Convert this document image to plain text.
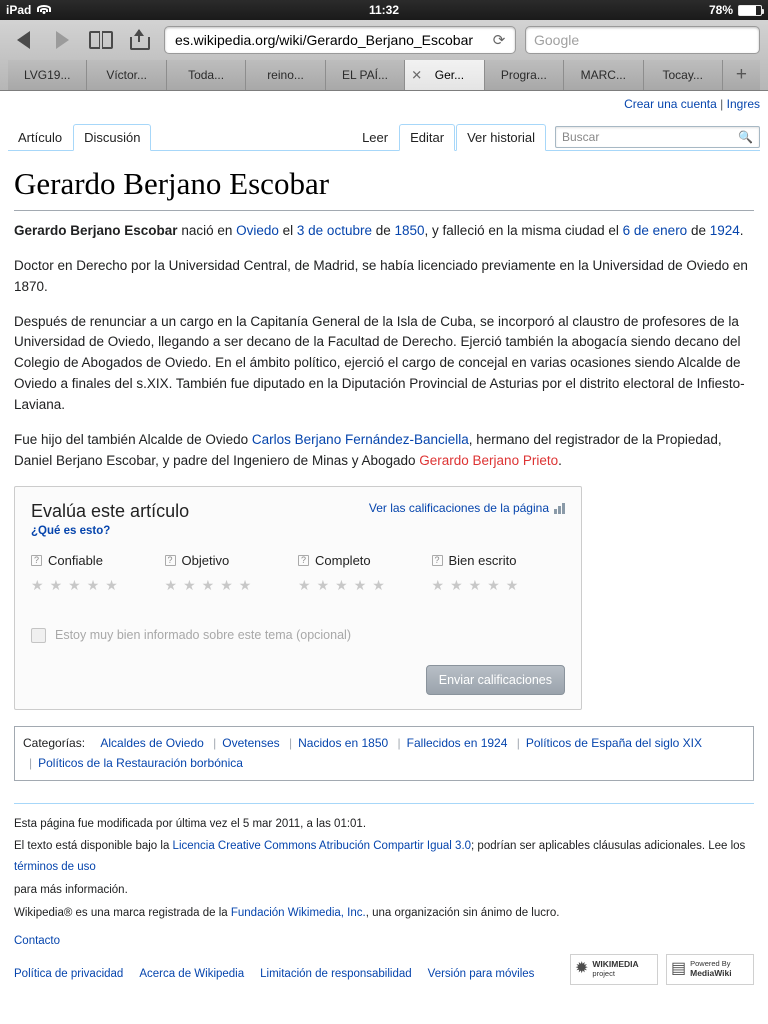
iPad	11:32	78%
es.wikipedia.org/wiki/Gerardo_Berjano_Escobar	⟳ Google
LVG19...	Víctor...	Toda...	reino...	EL PAÍ... ✕	Ger...	Progra...	MARC...	Tocay... +
Crear una cuenta | Ingres
Artículo	Discusión	Leer	Editar	Ver historial	Buscar	🔍
Gerardo Berjano Escobar

Gerardo Berjano Escobar nació en Oviedo el 3 de octubre de 1850, y falleció en la misma ciudad el 6 de enero de 1924.

Doctor en Derecho por la Universidad Central, de Madrid, se había licenciado previamente en la Universidad de Oviedo en 1870.

Después de renunciar a un cargo en la Capitanía General de la Isla de Cuba, se incorporó al claustro de profesores de la Universidad de Oviedo, llegando a ser decano de la Facultad de Derecho. Ejerció también la abogacía siendo decano del Colegio de Abogados de Oviedo. En el ámbito político, ejerció el cargo de concejal en varias ocasiones siendo Alcalde de Oviedo a finales del s.XIX. También fue diputado en la Diputación Provincial de Asturias por el distrito electoral de Infiesto-Laviana.

Fue hijo del también Alcalde de Oviedo Carlos Berjano Fernández-Banciella, hermano del registrador de la Propiedad, Daniel Berjano Escobar, y padre del Ingeniero de Minas y Abogado Gerardo Berjano Prieto.

Evalúa este artículo
¿Qué es esto?
Ver las calificaciones de la página
? Confiable
★ ★ ★ ★ ★
? Objetivo
★ ★ ★ ★ ★
? Completo
★ ★ ★ ★ ★
? Bien escrito
★ ★ ★ ★ ★
Estoy muy bien informado sobre este tema (opcional)
Enviar calificaciones
Categorías: Alcaldes de Oviedo | Ovetenses | Nacidos en 1850 | Fallecidos en 1924 | Políticos de España del siglo XIX | Políticos de la Restauración borbónica
Esta página fue modificada por última vez el 5 mar 2011, a las 01:01.
El texto está disponible bajo la Licencia Creative Commons Atribución Compartir Igual 3.0; podrían ser aplicables cláusulas adicionales. Lee los términos de uso
para más información.
Wikipedia® es una marca registrada de la Fundación Wikimedia, Inc., una organización sin ánimo de lucro.
Contacto
Política de privacidad Acerca de Wikipedia Limitación de responsabilidad Versión para móviles	✹ WIKIMEDIA
project	▤ Powered By
MediaWiki
